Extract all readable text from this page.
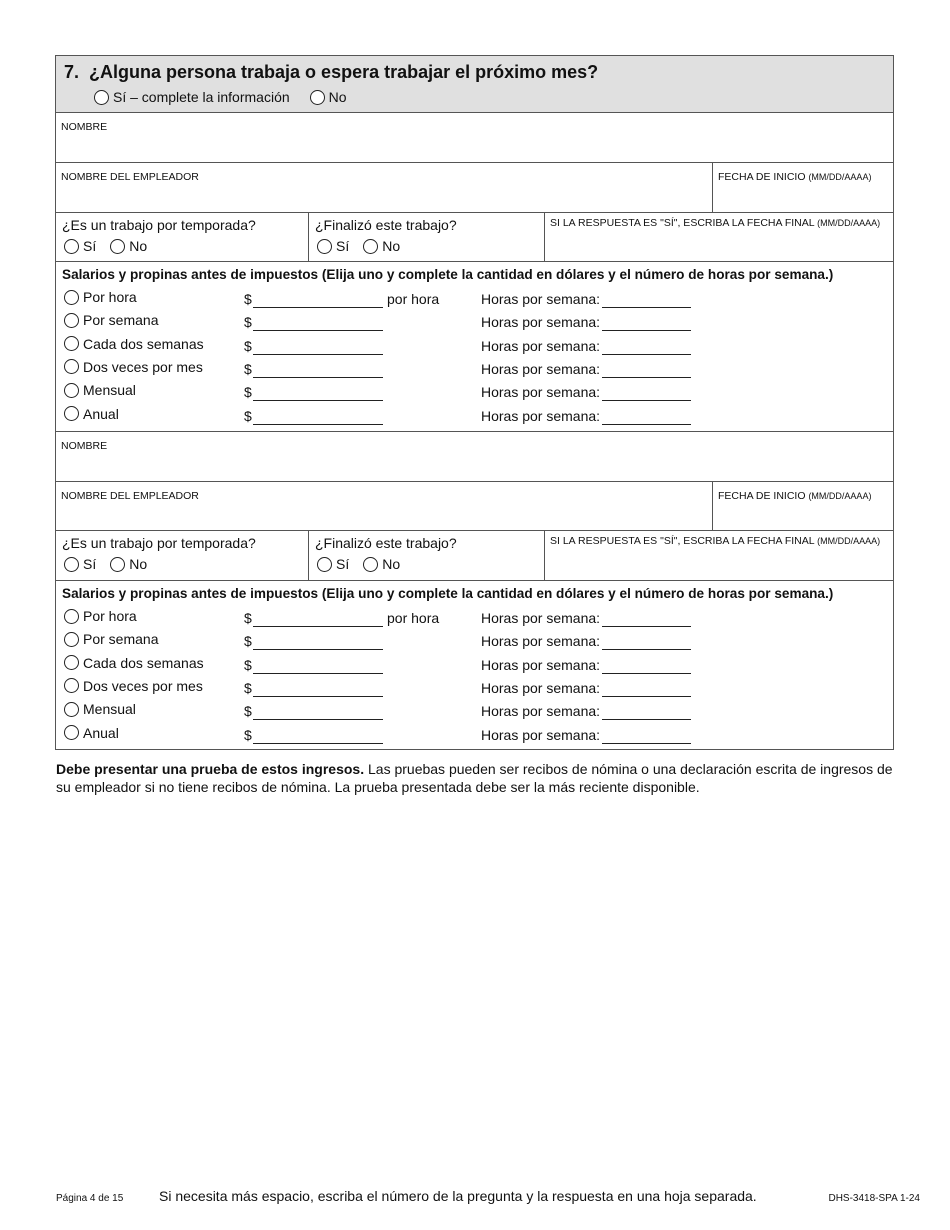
7. ¿Alguna persona trabaja o espera trabajar el próximo mes?
Sí – complete la información	No
NOMBRE
NOMBRE DEL EMPLEADOR	FECHA DE INICIO (MM/DD/AAAA)
¿Es un trabajo por temporada?
Sí No
¿Finalizó este trabajo?
Sí No
SI LA RESPUESTA ES "SÍ", ESCRIBA LA FECHA FINAL (MM/DD/AAAA)
Salarios y propinas antes de impuestos (Elija uno y complete la cantidad en dólares y el número de horas por semana.)
Por hora	$	por hora	Horas por semana:
Por semana	$	Horas por semana:
Cada dos semanas	$	Horas por semana:
Dos veces por mes	$	Horas por semana:
Mensual	$	Horas por semana:
Anual	$	Horas por semana:
NOMBRE
NOMBRE DEL EMPLEADOR	FECHA DE INICIO (MM/DD/AAAA)
¿Es un trabajo por temporada?
Sí No
¿Finalizó este trabajo?
Sí No
SI LA RESPUESTA ES "SÍ", ESCRIBA LA FECHA FINAL (MM/DD/AAAA)
Salarios y propinas antes de impuestos (Elija uno y complete la cantidad en dólares y el número de horas por semana.)
Por hora	$	por hora	Horas por semana:
Por semana	$	Horas por semana:
Cada dos semanas	$	Horas por semana:
Dos veces por mes	$	Horas por semana:
Mensual	$	Horas por semana:
Anual	$	Horas por semana:
Debe presentar una prueba de estos ingresos. Las pruebas pueden ser recibos de nómina o una declaración escrita de ingresos de su empleador si no tiene recibos de nómina. La prueba presentada debe ser la más reciente disponible.
Página 4 de 15	Si necesita más espacio, escriba el número de la pregunta y la respuesta en una hoja separada.	DHS-3418-SPA 1-24
